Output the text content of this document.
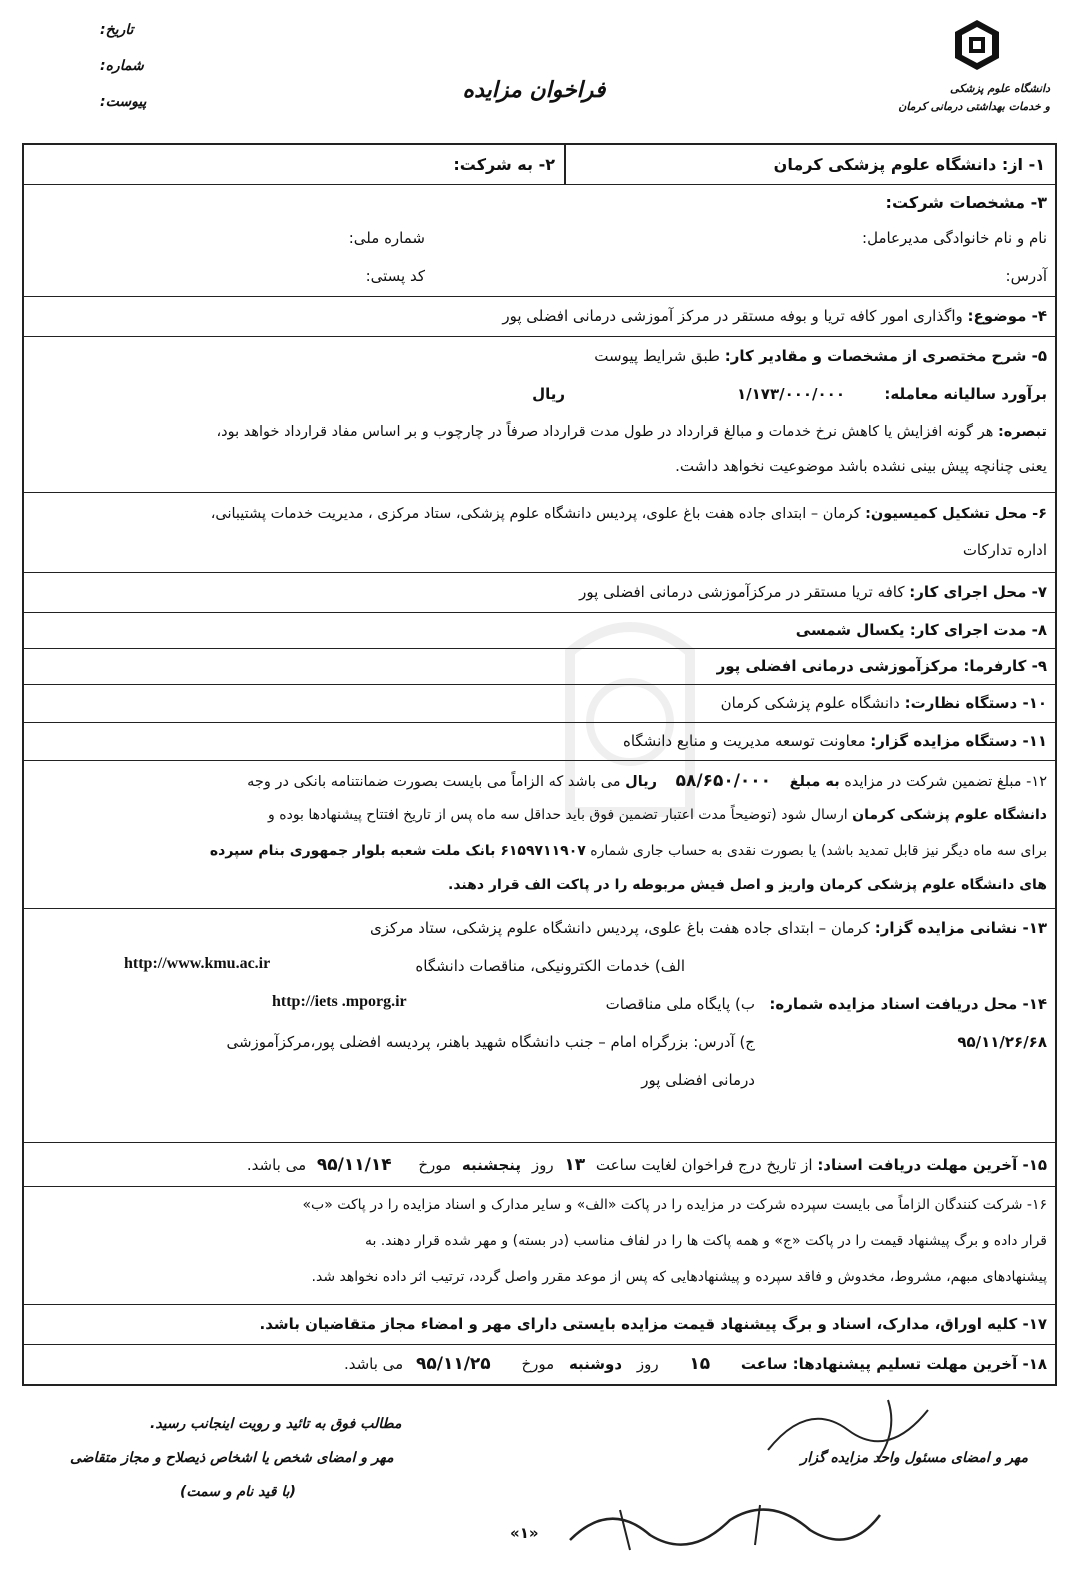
تاریخ:
شماره:
پیوست:	فراخوان مزایده	دانشگاه علوم پزشکی
و خدمات بهداشتی درمانی کرمان
۱- از: دانشگاه علوم پزشکی کرمان
۲- به شرکت:
۳- مشخصات شرکت:
نام و نام خانوادگی مدیرعامل:
شماره ملی:
آدرس:
کد پستی:
۴- موضوع: واگذاری امور کافه تریا و بوفه مستقر در مرکز آموزشی درمانی افضلی پور
۵- شرح مختصری از مشخصات و مقادیر کار: طبق شرایط پیوست
برآورد سالیانه معامله:
۱/۱۷۳/۰۰۰/۰۰۰
ریال
تبصره: هر گونه افزایش یا کاهش نرخ خدمات و مبالغ قرارداد در طول مدت قرارداد صرفاً در چارچوب و بر اساس مفاد قرارداد خواهد بود،
یعنی چنانچه پیش بینی نشده باشد موضوعیت نخواهد داشت.
۶- محل تشکیل کمیسیون: کرمان – ابتدای جاده هفت باغ علوی، پردیس دانشگاه علوم پزشکی، ستاد مرکزی ، مدیریت خدمات پشتیبانی،
اداره تدارکات
۷- محل اجرای کار: کافه تریا مستقر در مرکزآموزشی درمانی افضلی پور
۸- مدت اجرای کار: یکسال شمسی
۹- کارفرما: مرکزآموزشی درمانی افضلی پور
۱۰- دستگاه نظارت: دانشگاه علوم پزشکی کرمان
۱۱- دستگاه مزایده گزار: معاونت توسعه مدیریت و منابع دانشگاه
۱۲- مبلغ تضمین شرکت در مزایده به مبلغ ۵۸/۶۵۰/۰۰۰ ریال می باشد که الزاماً می بایست بصورت ضمانتنامه بانکی در وجه
دانشگاه علوم پزشکی کرمان ارسال شود (توضیحاً مدت اعتبار تضمین فوق باید حداقل سه ماه پس از تاریخ افتتاح پیشنهادها بوده و
برای سه ماه دیگر نیز قابل تمدید باشد) یا بصورت نقدی به حساب جاری شماره ۶۱۵۹۷۱۱۹۰۷ بانک ملت شعبه بلوار جمهوری بنام سپرده
های دانشگاه علوم پزشکی کرمان واریز و اصل فیش مربوطه را در پاکت الف قرار دهند.
۱۳- نشانی مزایده گزار: کرمان – ابتدای جاده هفت باغ علوی، پردیس دانشگاه علوم پزشکی، ستاد مرکزی
الف) خدمات الکترونیکی، مناقصات دانشگاه
http://www.kmu.ac.ir
۱۴- محل دریافت اسناد مزایده شماره:
ب) پایگاه ملی مناقصات
http://iets .mporg.ir
۹۵/۱۱/۲۶/۶۸
ج) آدرس: بزرگراه امام – جنب دانشگاه شهید باهنر، پردیسه افضلی پور،مرکزآموزشی
درمانی افضلی پور
۱۵- آخرین مهلت دریافت اسناد: از تاریخ درج فراخوان لغایت ساعت ۱۳ روز پنجشنبه مورخ ۹۵/۱۱/۱۴ می باشد.
۱۶- شرکت کنندگان الزاماً می بایست سپرده شرکت در مزایده را در پاکت «الف» و سایر مدارک و اسناد مزایده را در پاکت «ب»
قرار داده و برگ پیشنهاد قیمت را در پاکت «ج» و همه پاکت ها را در لفاف مناسب (در بسته) و مهر شده قرار دهند. به
پیشنهادهای مبهم، مشروط، مخدوش و فاقد سپرده و پیشنهادهایی که پس از موعد مقرر واصل گردد، ترتیب اثر داده نخواهد شد.
۱۷- کلیه اوراق، مدارک، اسناد و برگ پیشنهاد قیمت مزایده بایستی دارای مهر و امضاء مجاز متقاضیان باشد.
۱۸- آخرین مهلت تسلیم پیشنهادها: ساعت ۱۵ روز دوشنبه مورخ ۹۵/۱۱/۲۵ می باشد.
مطالب فوق به تائید و رویت اینجانب رسید.
مهر و امضای شخص یا اشخاص ذیصلاح و مجاز متقاضی
(با قید نام و سمت)
مهر و امضای مسئول واحد مزایده گزار
«۱»
